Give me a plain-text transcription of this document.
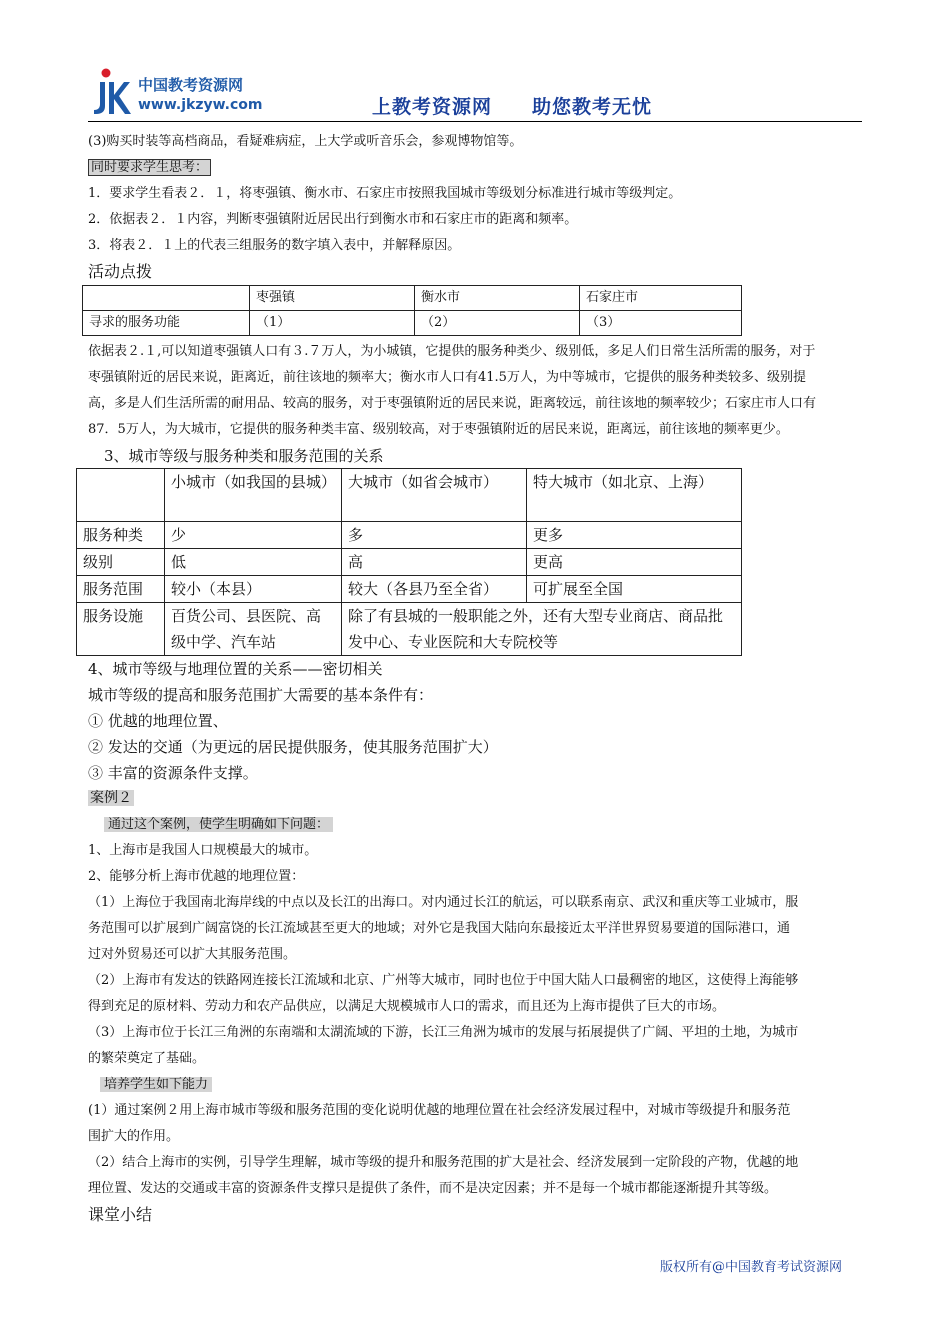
中国教考资源网
www.jkzyw.com	上教考资源网　　助您教考无忧
(3)购买时装等高档商品，看疑难病症，上大学或听音乐会，参观博物馆等。
同时要求学生思考：
1．要求学生看表２．１，将枣强镇、衡水市、石家庄市按照我国城市等级划分标准进行城市等级判定。
2．依据表２．１内容，判断枣强镇附近居民出行到衡水市和石家庄市的距离和频率。
3．将表２．１上的代表三组服务的数字填入表中，并解释原因。
活动点拨
	枣强镇	衡水市	石家庄市
寻求的服务功能	（1）	（2）	（3）
依据表２.１,可以知道枣强镇人口有３.７万人，为小城镇，它提供的服务种类少、级别低，多足人们日常生活所需的服务，对于
枣强镇附近的居民来说，距离近，前往该地的频率大；衡水市人口有41.5万人，为中等城市，它提供的服务种类较多、级别提
高，多是人们生活所需的耐用品、较高的服务，对于枣强镇附近的居民来说，距离较远，前往该地的频率较少；石家庄市人口有
87．5万人，为大城市，它提供的服务种类丰富、级别较高，对于枣强镇附近的居民来说，距离远，前往该地的频率更少。
3、城市等级与服务种类和服务范围的关系
	小城市（如我国的县城）	大城市（如省会城市）	特大城市（如北京、上海）
服务种类	少	多	更多
级别	低	高	更高
服务范围	较小（本县）	较大（各县乃至全省）	可扩展至全国
服务设施	百货公司、县医院、高级中学、汽车站	除了有县城的一般职能之外，还有大型专业商店、商品批发中心、专业医院和大专院校等	
4、城市等级与地理位置的关系——密切相关
城市等级的提高和服务范围扩大需要的基本条件有：
① 优越的地理位置、
② 发达的交通（为更远的居民提供服务，使其服务范围扩大）
③ 丰富的资源条件支撑。
案例２
通过这个案例，使学生明确如下问题：
1、上海市是我国人口规模最大的城市。
2、能够分析上海市优越的地理位置：
（1）上海位于我国南北海岸线的中点以及长江的出海口。对内通过长江的航运，可以联系南京、武汉和重庆等工业城市，服
务范围可以扩展到广阔富饶的长江流域甚至更大的地域；对外它是我国大陆向东最接近太平洋世界贸易要道的国际港口，通
过对外贸易还可以扩大其服务范围。
（2）上海市有发达的铁路网连接长江流域和北京、广州等大城市，同时也位于中国大陆人口最稠密的地区，这使得上海能够
得到充足的原材料、劳动力和农产品供应，以满足大规模城市人口的需求，而且还为上海市提供了巨大的市场。
（3）上海市位于长江三角洲的东南端和太湖流域的下游，长江三角洲为城市的发展与拓展提供了广阔、平坦的土地，为城市
的繁荣奠定了基础。
培养学生如下能力
(1）通过案例２用上海市城市等级和服务范围的变化说明优越的地理位置在社会经济发展过程中，对城市等级提升和服务范
围扩大的作用。
（2）结合上海市的实例，引导学生理解，城市等级的提升和服务范围的扩大是社会、经济发展到一定阶段的产物，优越的地
理位置、发达的交通或丰富的资源条件支撑只是提供了条件，而不是决定因素；并不是每一个城市都能逐渐提升其等级。
课堂小结
版权所有@中国教育考试资源网
